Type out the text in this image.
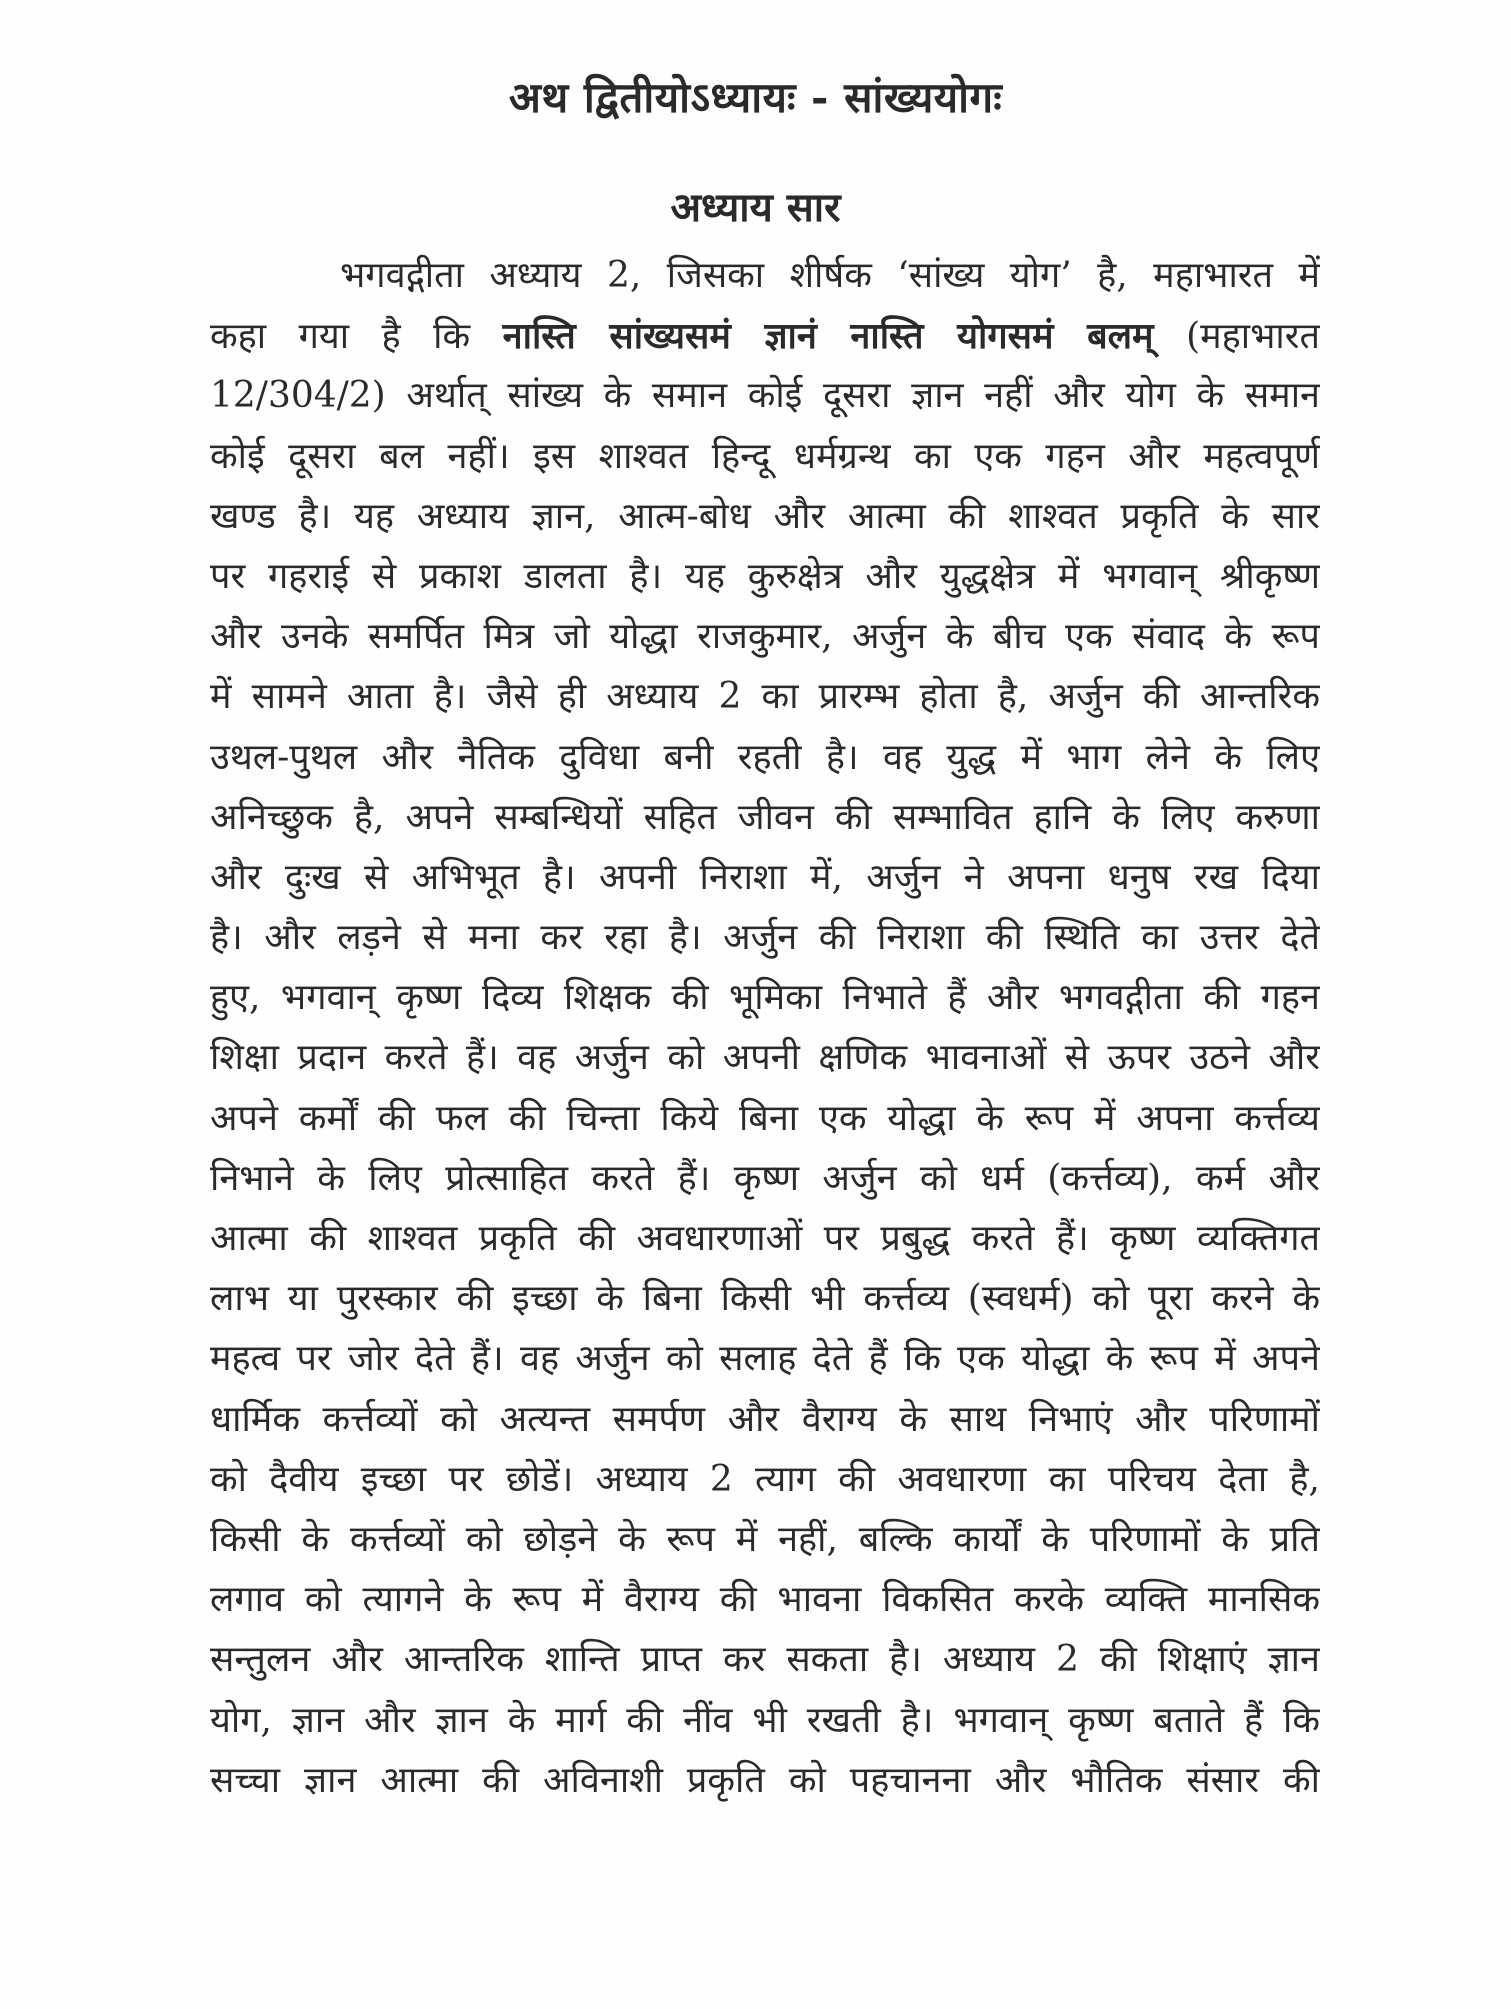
अथ द्वितीयोऽध्यायः - सांख्ययोगः
अध्याय सार
भगवद्गीता अध्याय 2, जिसका शीर्षक ‘सांख्य योग’ है, महाभारत में
कहा गया है कि नास्ति सांख्यसमं ज्ञानं नास्ति योगसमं बलम् (महाभारत
12/304/2) अर्थात् सांख्य के समान कोई दूसरा ज्ञान नहीं और योग के समान
कोई दूसरा बल नहीं। इस शाश्वत हिन्दू धर्मग्रन्थ का एक गहन और महत्वपूर्ण
खण्ड है। यह अध्याय ज्ञान, आत्म-बोध और आत्मा की शाश्वत प्रकृति के सार
पर गहराई से प्रकाश डालता है। यह कुरुक्षेत्र और युद्धक्षेत्र में भगवान् श्रीकृष्ण
और उनके समर्पित मित्र जो योद्धा राजकुमार, अर्जुन के बीच एक संवाद के रूप
में सामने आता है। जैसे ही अध्याय 2 का प्रारम्भ होता है, अर्जुन की आन्तरिक
उथल-पुथल और नैतिक दुविधा बनी रहती है। वह युद्ध में भाग लेने के लिए
अनिच्छुक है, अपने सम्बन्धियों सहित जीवन की सम्भावित हानि के लिए करुणा
और दुःख से अभिभूत है। अपनी निराशा में, अर्जुन ने अपना धनुष रख दिया
है। और लड़ने से मना कर रहा है। अर्जुन की निराशा की स्थिति का उत्तर देते
हुए, भगवान् कृष्ण दिव्य शिक्षक की भूमिका निभाते हैं और भगवद्गीता की गहन
शिक्षा प्रदान करते हैं। वह अर्जुन को अपनी क्षणिक भावनाओं से ऊपर उठने और
अपने कर्मों की फल की चिन्ता किये बिना एक योद्धा के रूप में अपना कर्त्तव्य
निभाने के लिए प्रोत्साहित करते हैं। कृष्ण अर्जुन को धर्म (कर्त्तव्य), कर्म और
आत्मा की शाश्वत प्रकृति की अवधारणाओं पर प्रबुद्ध करते हैं। कृष्ण व्यक्तिगत
लाभ या पुरस्कार की इच्छा के बिना किसी भी कर्त्तव्य (स्वधर्म) को पूरा करने के
महत्व पर जोर देते हैं। वह अर्जुन को सलाह देते हैं कि एक योद्धा के रूप में अपने
धार्मिक कर्त्तव्यों को अत्यन्त समर्पण और वैराग्य के साथ निभाएं और परिणामों
को दैवीय इच्छा पर छोडें। अध्याय 2 त्याग की अवधारणा का परिचय देता है,
किसी के कर्त्तव्यों को छोड़ने के रूप में नहीं, बल्कि कार्यों के परिणामों के प्रति
लगाव को त्यागने के रूप में वैराग्य की भावना विकसित करके व्यक्ति मानसिक
सन्तुलन और आन्तरिक शान्ति प्राप्त कर सकता है। अध्याय 2 की शिक्षाएं ज्ञान
योग, ज्ञान और ज्ञान के मार्ग की नींव भी रखती है। भगवान् कृष्ण बताते हैं कि
सच्चा ज्ञान आत्मा की अविनाशी प्रकृति को पहचानना और भौतिक संसार की
